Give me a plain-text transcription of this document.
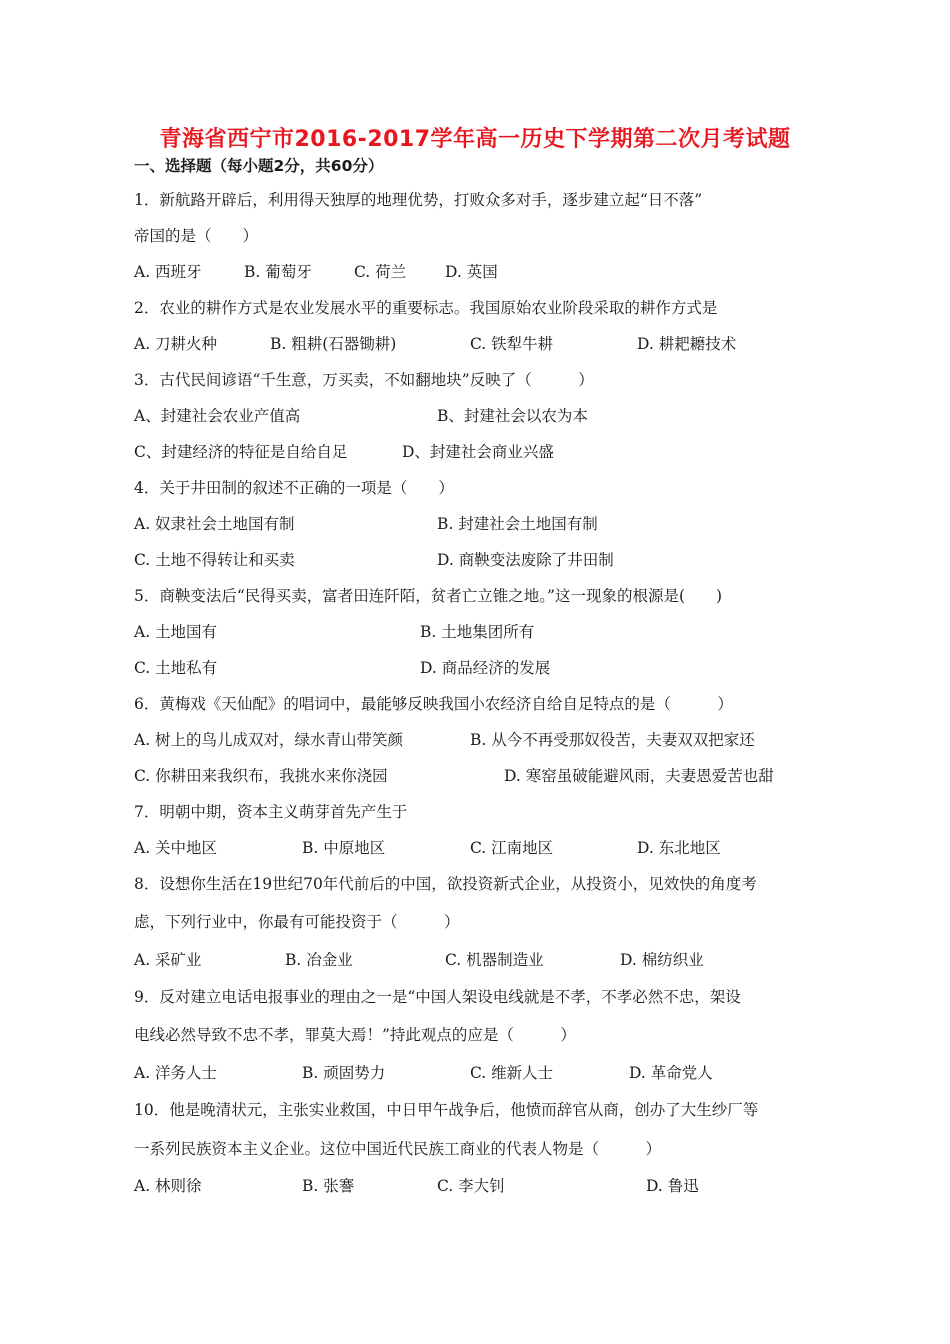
青海省西宁市2016-2017学年高一历史下学期第二次月考试题
一、选择题（每小题2分，共60分）
1．新航路开辟后，利用得天独厚的地理优势，打败众多对手，逐步建立起“日不落”
帝国的是（　　）
A. 西班牙	B. 葡萄牙	C. 荷兰	D. 英国
2．农业的耕作方式是农业发展水平的重要标志。我国原始农业阶段采取的耕作方式是
A. 刀耕火种	B. 粗耕(石器锄耕)	C. 铁犁牛耕	D. 耕耙耱技术
3．古代民间谚语“千生意，万买卖，不如翻地块”反映了（　　　）
A、封建社会农业产值高	B、封建社会以农为本
C、封建经济的特征是自给自足	D、封建社会商业兴盛
4．关于井田制的叙述不正确的一项是（　　）
A. 奴隶社会土地国有制	B. 封建社会土地国有制
C. 土地不得转让和买卖	D. 商鞅变法废除了井田制
5．商鞅变法后“民得买卖，富者田连阡陌，贫者亡立锥之地。”这一现象的根源是(　　)
A. 土地国有	B. 土地集团所有
C. 土地私有	D. 商品经济的发展
6．黄梅戏《天仙配》的唱词中，最能够反映我国小农经济自给自足特点的是（　　　）
A. 树上的鸟儿成双对，绿水青山带笑颜	B. 从今不再受那奴役苦，夫妻双双把家还
C. 你耕田来我织布，我挑水来你浇园	D. 寒窑虽破能避风雨，夫妻恩爱苦也甜
7．明朝中期，资本主义萌芽首先产生于
A. 关中地区	B. 中原地区	C. 江南地区	D. 东北地区
8．设想你生活在19世纪70年代前后的中国，欲投资新式企业，从投资小，见效快的角度考
虑，下列行业中，你最有可能投资于（　　　）
A. 采矿业	B. 冶金业	C. 机器制造业	D. 棉纺织业
9．反对建立电话电报事业的理由之一是“中国人架设电线就是不孝，不孝必然不忠，架设
电线必然导致不忠不孝，罪莫大焉！”持此观点的应是（　　　）
A. 洋务人士	B. 顽固势力	C. 维新人士	D. 革命党人
10．他是晚清状元，主张实业救国，中日甲午战争后，他愤而辞官从商，创办了大生纱厂等
一系列民族资本主义企业。这位中国近代民族工商业的代表人物是（　　　）
A. 林则徐	B. 张謇	C. 李大钊	D. 鲁迅
